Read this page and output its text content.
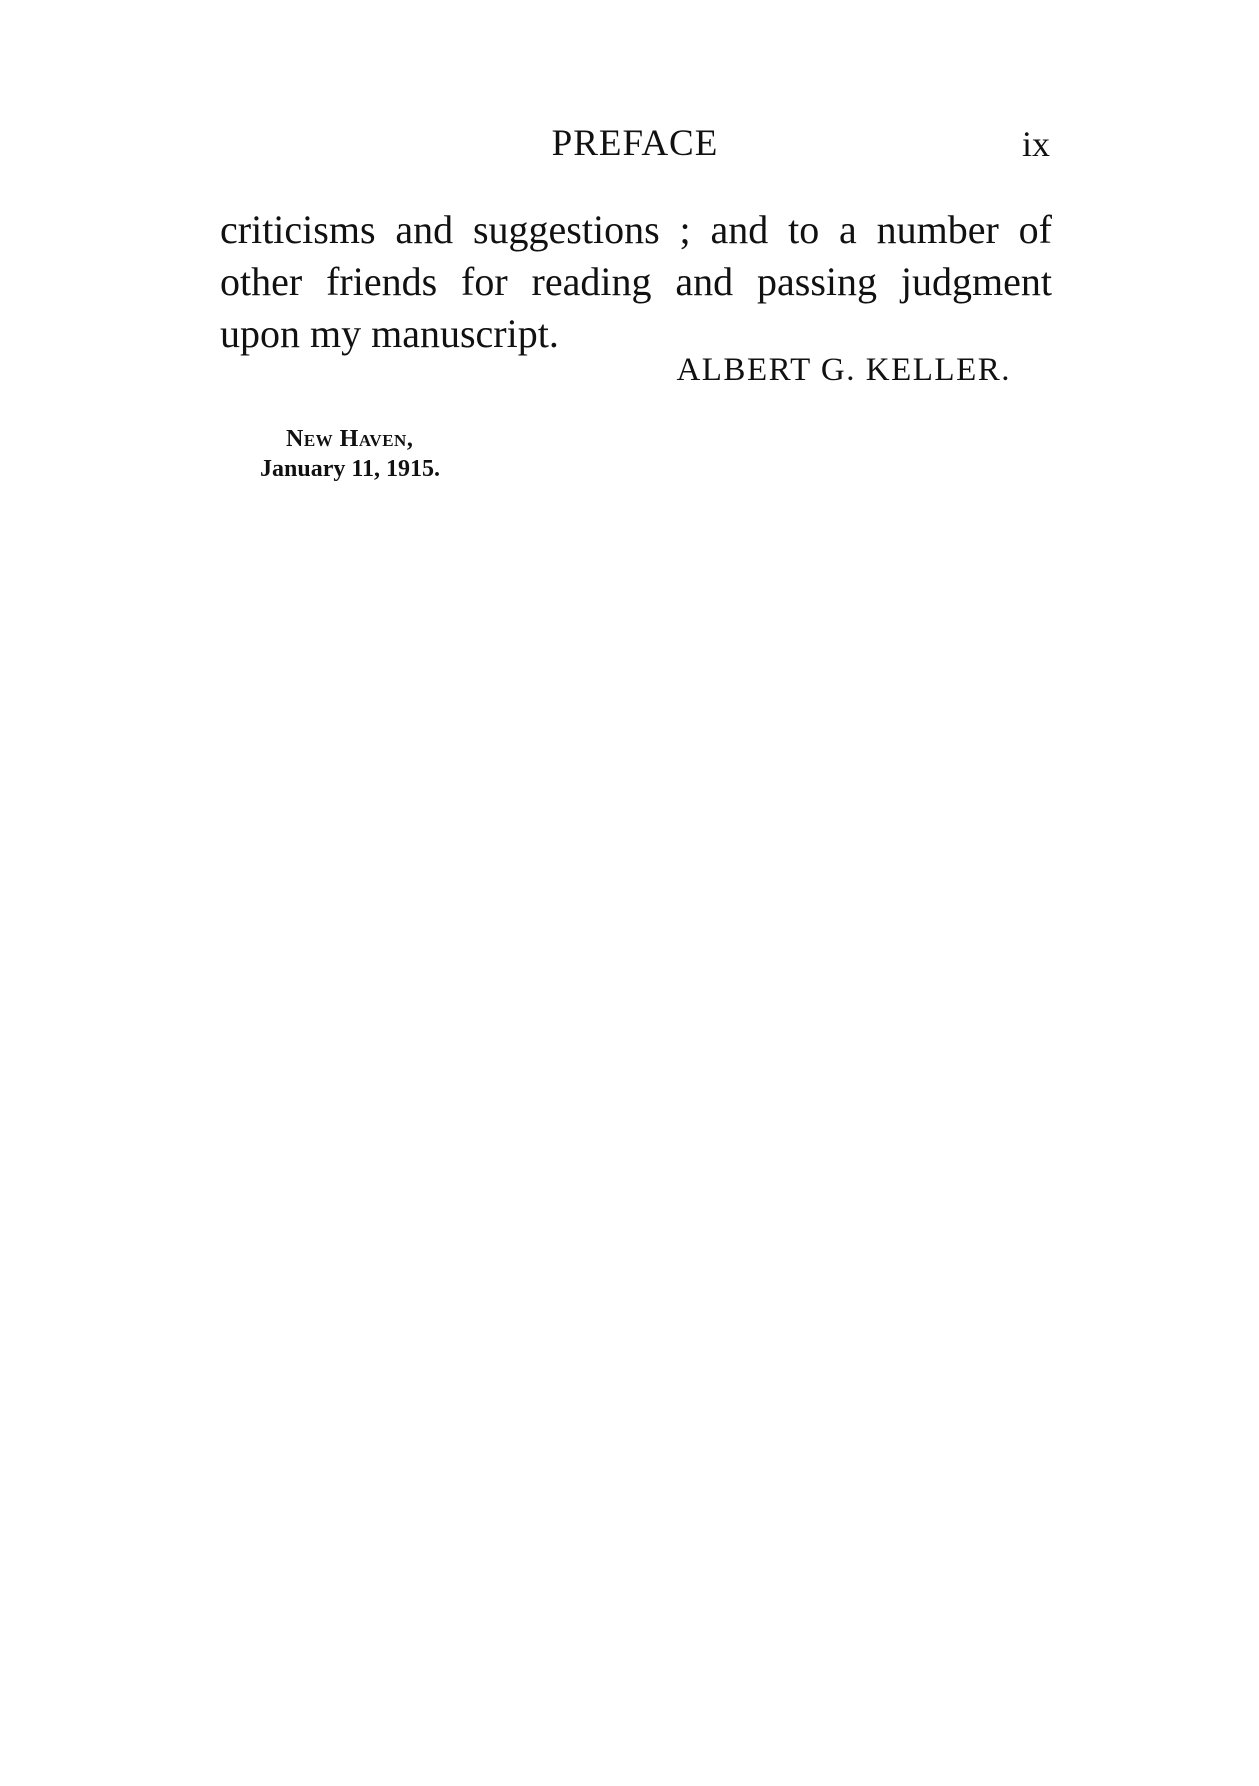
PREFACE	ix
criticisms and suggestions ; and to a number of
other friends for reading and passing judgment
upon my manuscript.
ALBERT G. KELLER.
New Haven,
January 11, 1915.
